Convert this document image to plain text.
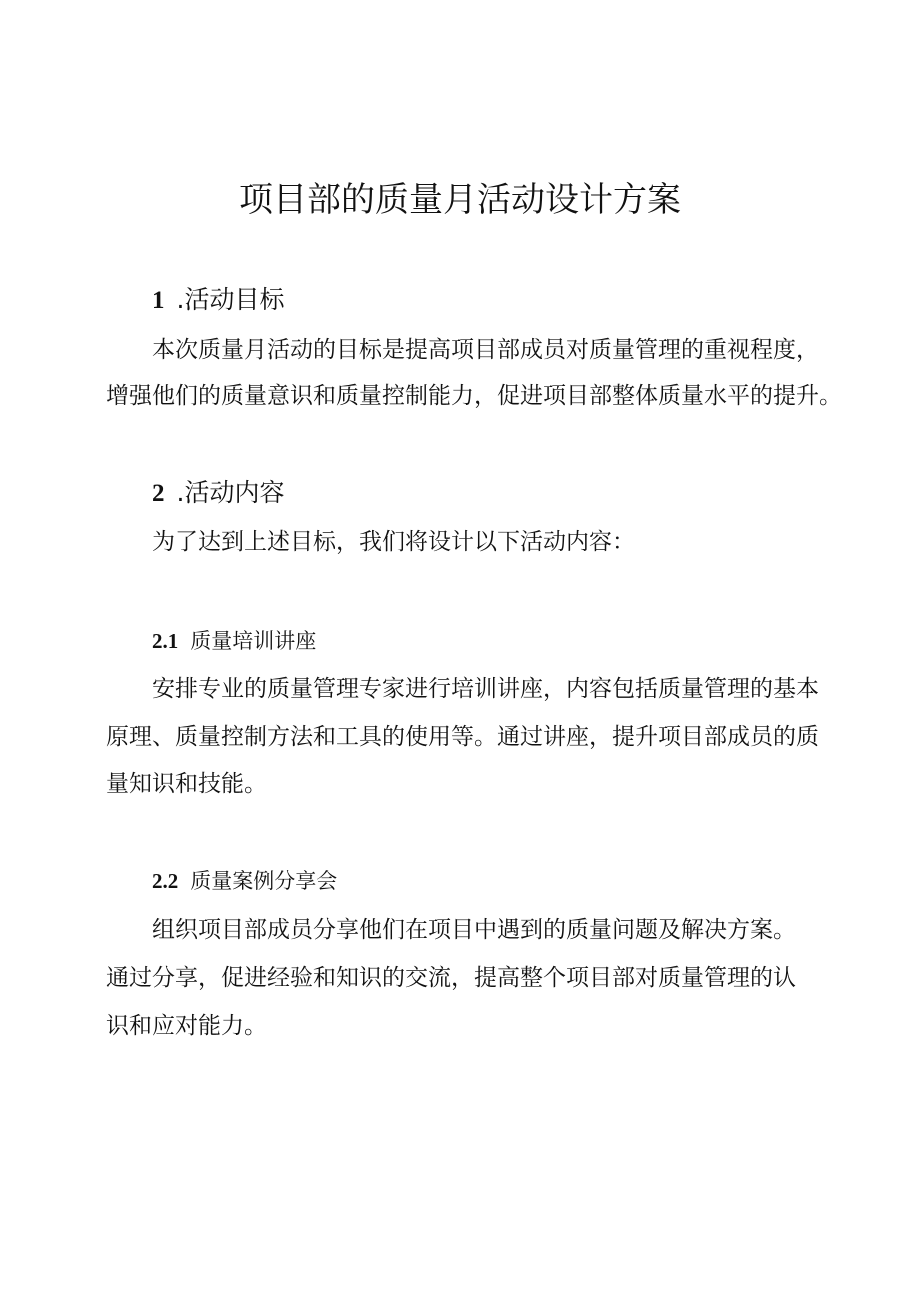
项目部的质量月活动设计方案
1 .活动目标
本次质量月活动的目标是提高项目部成员对质量管理的重视程度，
增强他们的质量意识和质量控制能力，促进项目部整体质量水平的提升。
2 .活动内容
为了达到上述目标，我们将设计以下活动内容：
2.1 质量培训讲座
安排专业的质量管理专家进行培训讲座，内容包括质量管理的基本
原理、质量控制方法和工具的使用等。通过讲座，提升项目部成员的质
量知识和技能。
2.2 质量案例分享会
组织项目部成员分享他们在项目中遇到的质量问题及解决方案。
通过分享，促进经验和知识的交流，提高整个项目部对质量管理的认
识和应对能力。
